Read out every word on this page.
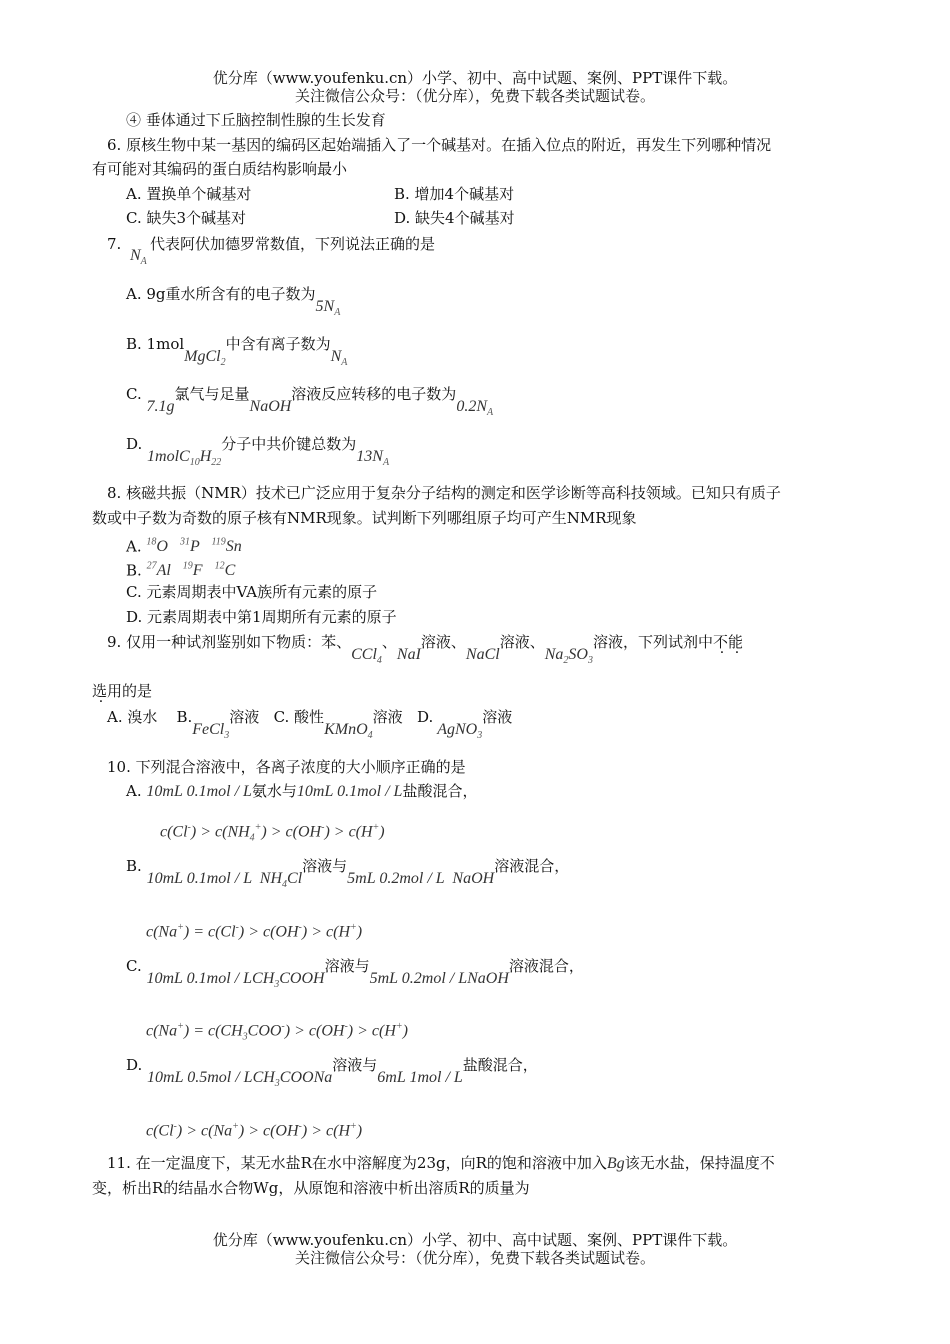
优分库（www.youfenku.cn）小学、初中、高中试题、案例、PPT课件下载。
关注微信公众号：（优分库），免费下载各类试题试卷。
④ 垂体通过下丘脑控制性腺的生长发育
6. 原核生物中某一基因的编码区起始端插入了一个碱基对。在插入位点的附近，再发生下列哪种情况
有可能对其编码的蛋白质结构影响最小
A. 置换单个碱基对	B. 增加4个碱基对
C. 缺失3个碱基对	D. 缺失4个碱基对
7.
$N_A$
代表阿伏加德罗常数值，下列说法正确的是
A. 9g重水所含有的电子数为$5N_A$
B. 1molMgCl$_2$中含有离子数为$N_A$
C. 7.1g氯气与足量NaOH溶液反应转移的电子数为$0.2N_A$
D. $1molC_{10}H_{22}$分子中共价键总数为$13N_A$
8. 核磁共振（NMR）技术已广泛应用于复杂分子结构的测定和医学诊断等高科技领域。已知只有质子
数或中子数为奇数的原子核有NMR现象。试判断下列哪组原子均可产生NMR现象
A. $^{18}$O   $^{31}$P   $^{119}$Sn
B. $^{27}$Al   $^{19}$F   $^{12}$C
C. 元素周期表中VA族所有元素的原子
D. 元素周期表中第1周期所有元素的原子
9. 仅用一种试剂鉴别如下物质：苯、CCl$_4$、NaI溶液、NaCl溶液、$Na_2SO_3$溶液，下列试剂中不能
选用的是
A. 溴水 B.FeCl$_3$溶液 C. 酸性KMnO$_4$溶液 D. AgNO$_3$溶液
10. 下列混合溶液中，各离子浓度的大小顺序正确的是
A. 10mL 0.1mol / L氨水与10mL 0.1mol / L盐酸混合，
$c(Cl^-) > c(NH_4^+) > c(OH^-) > c(H^+)$
B. 10mL 0.1mol / L  $NH_4Cl$溶液与5mL 0.2mol / L  NaOH溶液混合，
c(Na+) = c(Cl-) > c(OH-) > c(H+)
C. 10mL $0.1mol / LCH_3COOH$溶液与5mL 0.2mol / LNaOH溶液混合，
$c(Na^+) = c(CH_3COO^-) > c(OH^-) > c(H^+)$
D. 10mL $0.5mol / LCH_3COONa$溶液与6mL 1mol / L盐酸混合，
c(Cl-) > c(Na+) > c(OH-) > c(H+)
11. 在一定温度下，某无水盐R在水中溶解度为23g，向R的饱和溶液中加入Bg该无水盐，保持温度不
变，析出R的结晶水合物Wg，从原饱和溶液中析出溶质R的质量为
优分库（www.youfenku.cn）小学、初中、高中试题、案例、PPT课件下载。
关注微信公众号：（优分库），免费下载各类试题试卷。
